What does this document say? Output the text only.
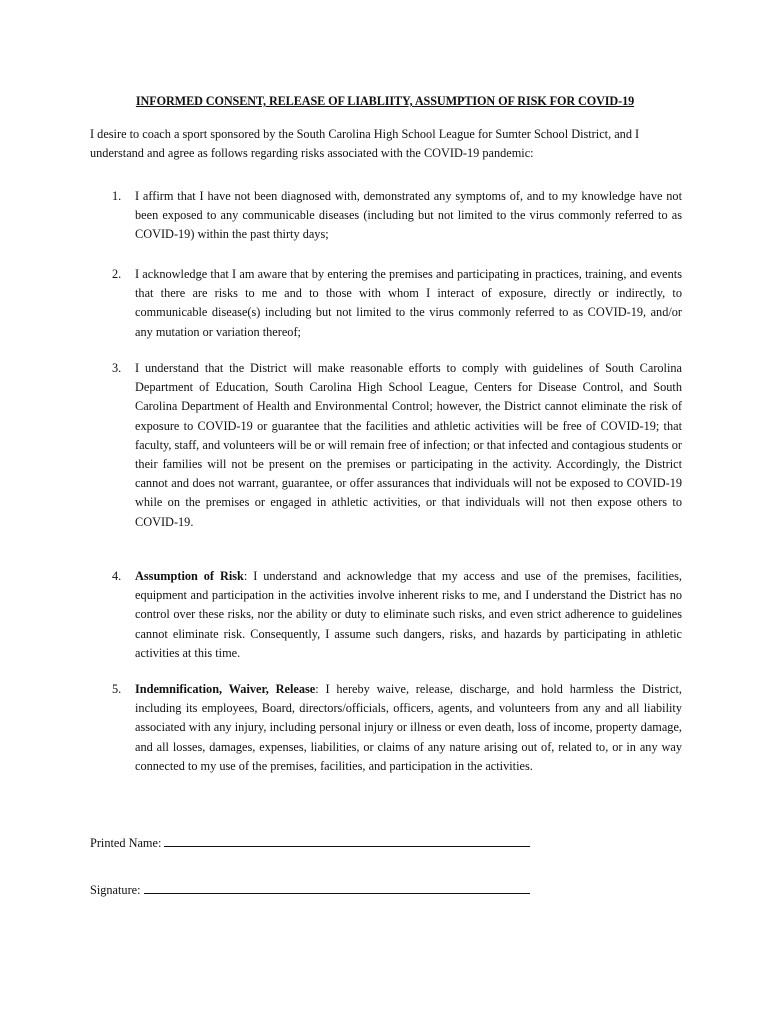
INFORMED CONSENT, RELEASE OF LIABLIITY, ASSUMPTION OF RISK FOR COVID-19
I desire to coach a sport sponsored by the South Carolina High School League for Sumter School District, and I understand and agree as follows regarding risks associated with the COVID-19 pandemic:
1.	I affirm that I have not been diagnosed with, demonstrated any symptoms of, and to my knowledge have not been exposed to any communicable diseases (including but not limited to the virus commonly referred to as COVID-19) within the past thirty days;
2.	I acknowledge that I am aware that by entering the premises and participating in practices, training, and events that there are risks to me and to those with whom I interact of exposure, directly or indirectly, to communicable disease(s) including but not limited to the virus commonly referred to as COVID-19, and/or any mutation or variation thereof;
3.	I understand that the District will make reasonable efforts to comply with guidelines of South Carolina Department of Education, South Carolina High School League, Centers for Disease Control, and South Carolina Department of Health and Environmental Control; however, the District cannot eliminate the risk of exposure to COVID-19 or guarantee that the facilities and athletic activities will be free of COVID-19; that faculty, staff, and volunteers will be or will remain free of infection; or that infected and contagious students or their families will not be present on the premises or participating in the activity. Accordingly, the District cannot and does not warrant, guarantee, or offer assurances that individuals will not be exposed to COVID-19 while on the premises or engaged in athletic activities, or that individuals will not then expose others to COVID-19.
4.	Assumption of Risk: I understand and acknowledge that my access and use of the premises, facilities, equipment and participation in the activities involve inherent risks to me, and I understand the District has no control over these risks, nor the ability or duty to eliminate such risks, and even strict adherence to guidelines cannot eliminate risk. Consequently, I assume such dangers, risks, and hazards by participating in athletic activities at this time.
5.	Indemnification, Waiver, Release: I hereby waive, release, discharge, and hold harmless the District, including its employees, Board, directors/officials, officers, agents, and volunteers from any and all liability associated with any injury, including personal injury or illness or even death, loss of income, property damage, and all losses, damages, expenses, liabilities, or claims of any nature arising out of, related to, or in any way connected to my use of the premises, facilities, and participation in the activities.
Printed Name:
Signature:
